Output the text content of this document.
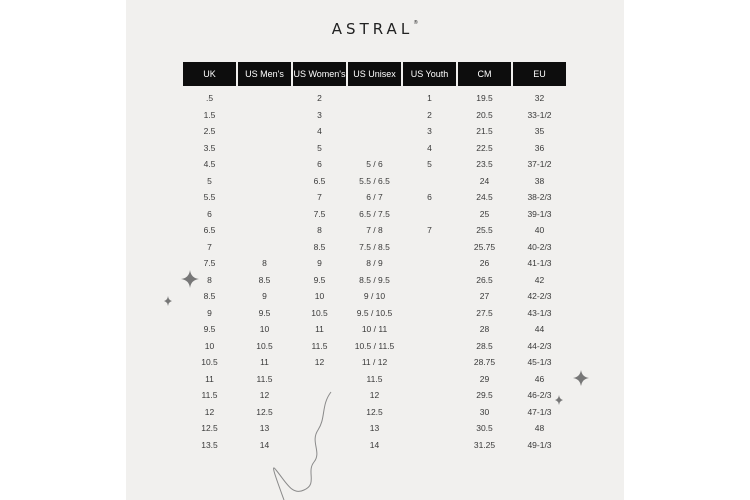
ASTRAL®
UK	US Men's	US Women's	US Unisex	US Youth	CM	EU
.5		2		1	19.5	32
1.5		3		2	20.5	33-1/2
2.5		4		3	21.5	35
3.5		5		4	22.5	36
4.5		6	5 / 6	5	23.5	37-1/2
5		6.5	5.5 / 6.5		24	38
5.5		7	6 / 7	6	24.5	38-2/3
6		7.5	6.5 / 7.5		25	39-1/3
6.5		8	7 / 8	7	25.5	40
7		8.5	7.5 / 8.5		25.75	40-2/3
7.5	8	9	8 / 9		26	41-1/3
8	8.5	9.5	8.5 / 9.5		26.5	42
8.5	9	10	9 / 10		27	42-2/3
9	9.5	10.5	9.5 / 10.5		27.5	43-1/3
9.5	10	11	10 / 11		28	44
10	10.5	11.5	10.5 / 11.5		28.5	44-2/3
10.5	11	12	11 / 12		28.75	45-1/3
11	11.5		11.5		29	46
11.5	12		12		29.5	46-2/3
12	12.5		12.5		30	47-1/3
12.5	13		13		30.5	48
13.5	14		14		31.25	49-1/3
